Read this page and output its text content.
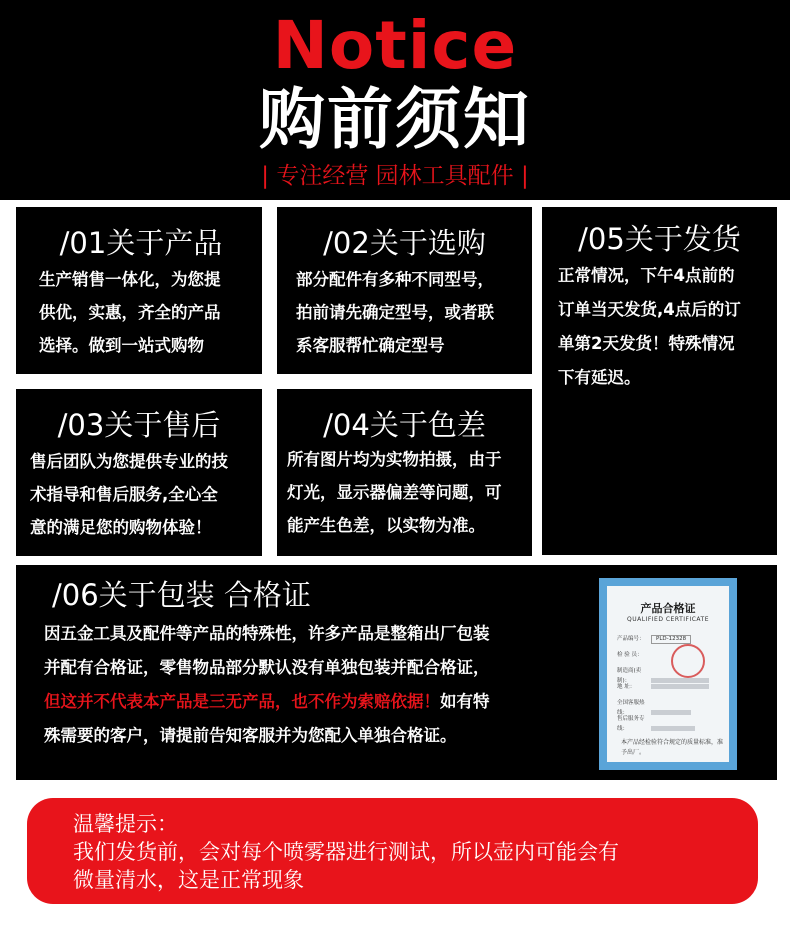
Notice
购前须知
| 专注经营 园林工具配件 |
/01关于产品
生产销售一体化，为您提
供优，实惠，齐全的产品
选择。做到一站式购物
/02关于选购
部分配件有多种不同型号，
拍前请先确定型号，或者联
系客服帮忙确定型号
/05关于发货
正常情况，下午4点前的
订单当天发货,4点后的订
单第2天发货！特殊情况
下有延迟。
/03关于售后
售后团队为您提供专业的技
术指导和售后服务,全心全
意的满足您的购物体验！
/04关于色差
所有图片均为实物拍摄，由于
灯光，显示器偏差等问题，可
能产生色差，以实物为准。
/06关于包装 合格证
因五金工具及配件等产品的特殊性，许多产品是整箱出厂包装
并配有合格证，零售物品部分默认没有单独包装并配合格证，
但这并不代表本产品是三无产品，也不作为索赔依据！如有特
殊需要的客户，请提前告知客服并为您配入单独合格证。
产品合格证
QUALIFIED CERTIFICATE
产品编号： PLD-12328
检 验 员：
制造商(卖制)：
地 址：
全国客服热线：
售后服务专线：
本产品经检验符合规定的质量标准，准予出厂。
温馨提示：
我们发货前，会对每个喷雾器进行测试，所以壶内可能会有
微量清水，这是正常现象
